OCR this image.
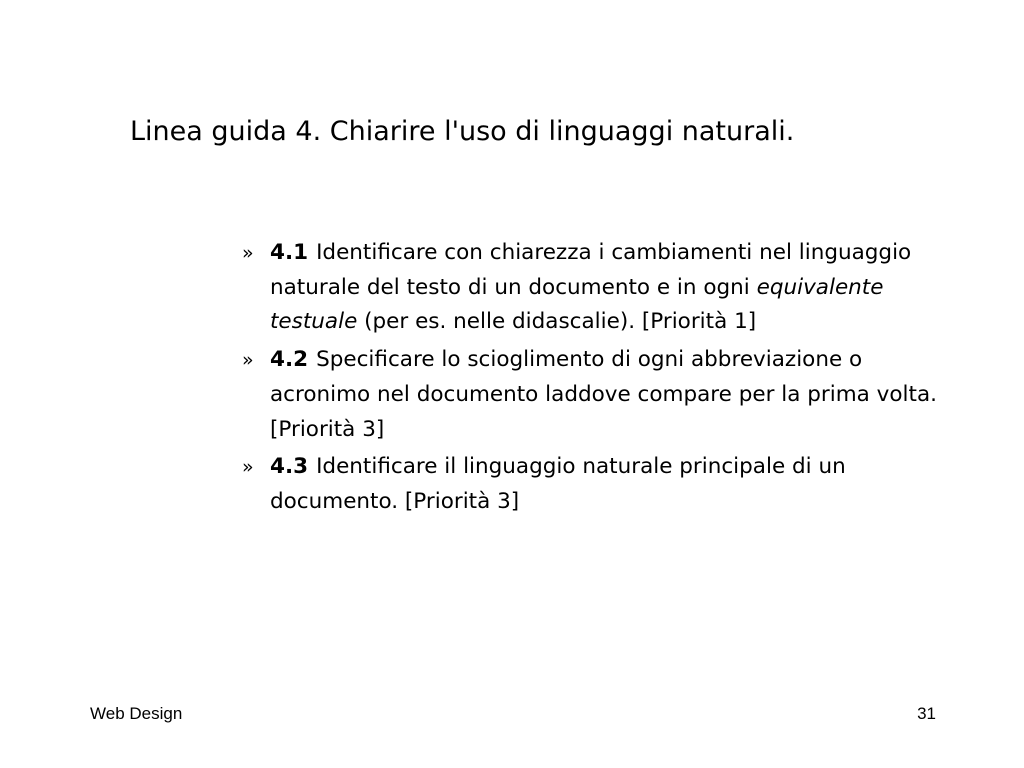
Linea guida 4. Chiarire l'uso di linguaggi naturali.
» 4.1 Identificare con chiarezza i cambiamenti nel linguaggio naturale del testo di un documento e in ogni equivalente testuale (per es. nelle didascalie). [Priorità 1]
» 4.2 Specificare lo scioglimento di ogni abbreviazione o acronimo nel documento laddove compare per la prima volta. [Priorità 3]
» 4.3 Identificare il linguaggio naturale principale di un documento. [Priorità 3]
Web Design	31
